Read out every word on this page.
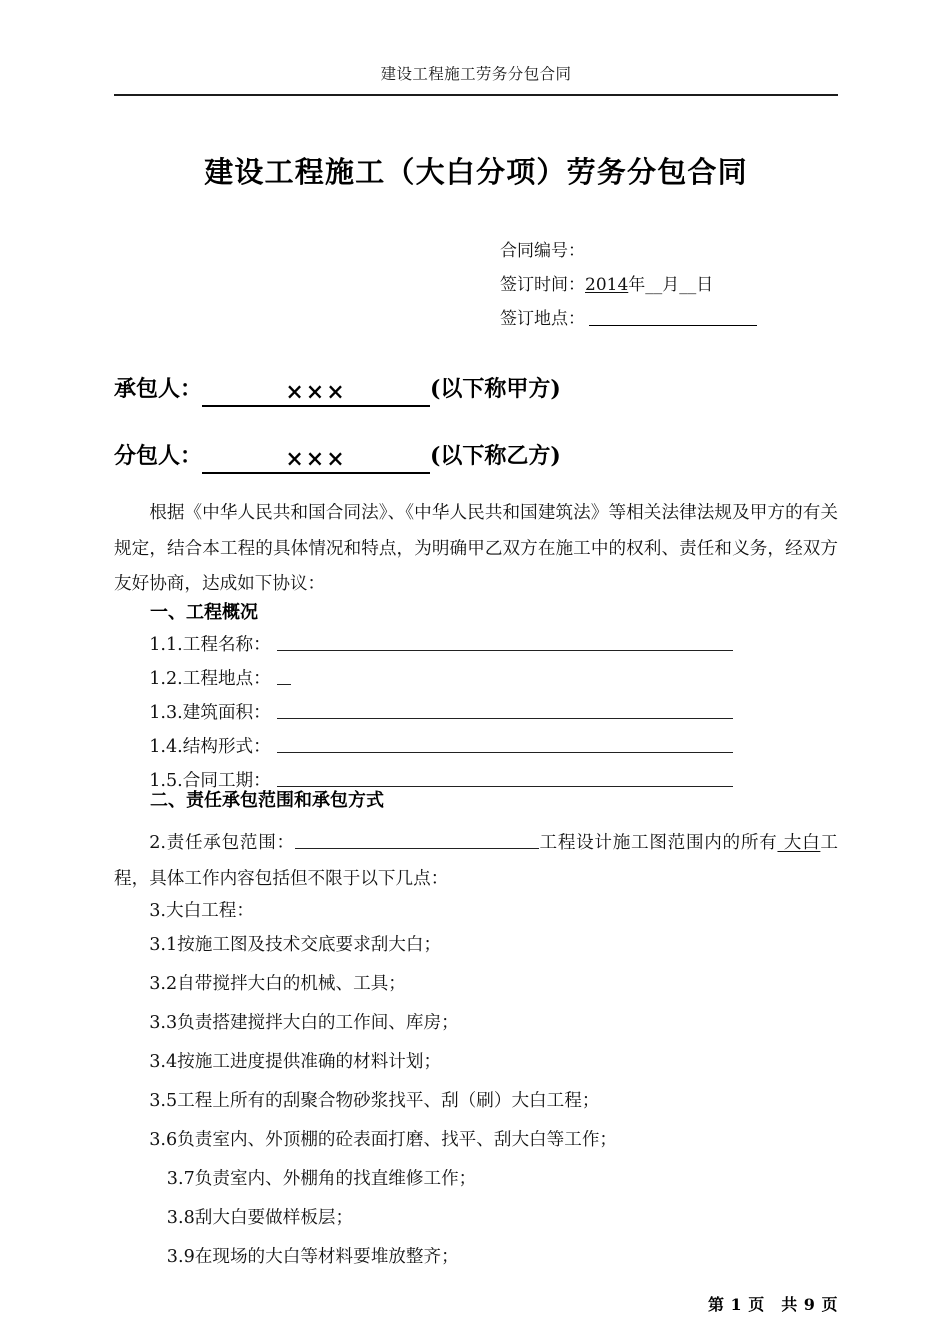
建设工程施工劳务分包合同
建设工程施工（大白分项）劳务分包合同
合同编号：
签订时间：2014年__月__日
签订地点：
承包人：	×××	(以下称甲方)
分包人：	×××	(以下称乙方)
根据《中华人民共和国合同法》、《中华人民共和国建筑法》等相关法律法规及甲方的有关规定，结合本工程的具体情况和特点，为明确甲乙双方在施工中的权利、责任和义务，经双方友好协商，达成如下协议：
一、工程概况
1.1.工程名称：
1.2.工程地点：
1.3.建筑面积：
1.4.结构形式：
1.5.合同工期：
二、责任承包范围和承包方式
2.责任承包范围：	工程设计施工图范围内的所有 大白工程，具体工作内容包括但不限于以下几点：
3.大白工程：
3.1按施工图及技术交底要求刮大白；
3.2自带搅拌大白的机械、工具；
3.3负责搭建搅拌大白的工作间、库房；
3.4按施工进度提供准确的材料计划；
3.5工程上所有的刮聚合物砂浆找平、刮（刷）大白工程；
3.6负责室内、外顶棚的砼表面打磨、找平、刮大白等工作；
3.7负责室内、外棚角的找直维修工作；
3.8刮大白要做样板层；
3.9在现场的大白等材料要堆放整齐；
第 1 页　共 9 页
